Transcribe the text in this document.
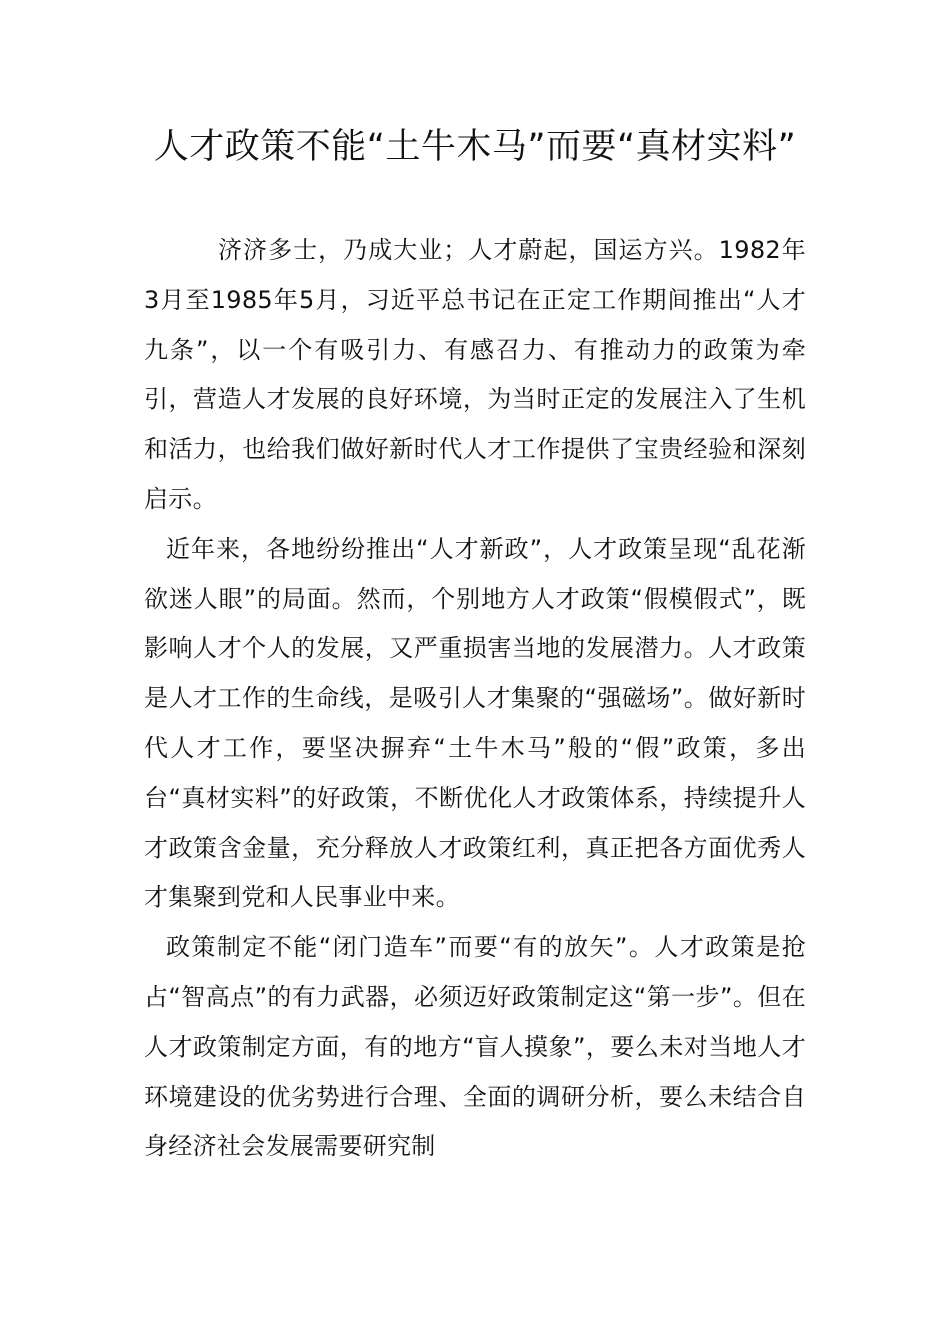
人才政策不能“土牛木马”而要“真材实料”

济济多士，乃成大业；人才蔚起，国运方兴。1982年3月至1985年5月，习近平总书记在正定工作期间推出“人才九条”，以一个有吸引力、有感召力、有推动力的政策为牵引，营造人才发展的良好环境，为当时正定的发展注入了生机和活力，也给我们做好新时代人才工作提供了宝贵经验和深刻启示。

近年来，各地纷纷推出“人才新政”，人才政策呈现“乱花渐欲迷人眼”的局面。然而，个别地方人才政策“假模假式”，既影响人才个人的发展，又严重损害当地的发展潜力。人才政策是人才工作的生命线，是吸引人才集聚的“强磁场”。做好新时代人才工作，要坚决摒弃“土牛木马”般的“假”政策，多出台“真材实料”的好政策，不断优化人才政策体系，持续提升人才政策含金量，充分释放人才政策红利，真正把各方面优秀人才集聚到党和人民事业中来。

政策制定不能“闭门造车”而要“有的放矢”。人才政策是抢占“智高点”的有力武器，必须迈好政策制定这“第一步”。但在人才政策制定方面，有的地方“盲人摸象”，要么未对当地人才环境建设的优劣势进行合理、全面的调研分析，要么未结合自身经济社会发展需要研究制
